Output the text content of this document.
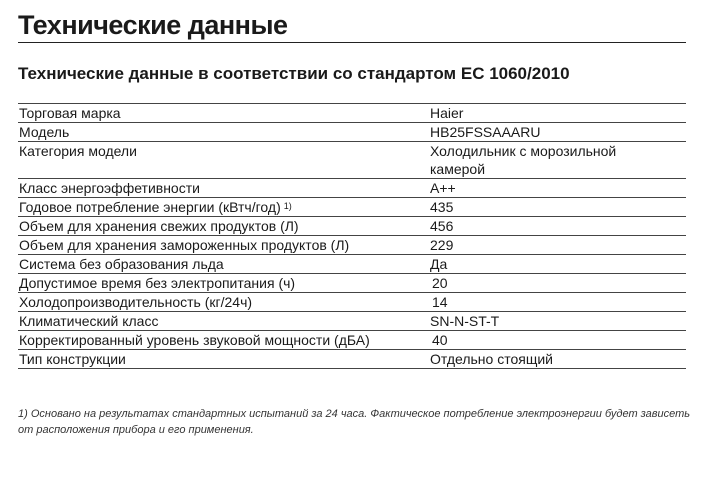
Технические данные
Технические данные в соответствии со стандартом EC 1060/2010
Торговая марка	Haier
Модель	HB25FSSAAARU
Категория модели	Холодильник с морозильной камерой
Класс энергоэффетивности	A++
Годовое потребление энергии (кВтч/год) $^{1)}$	435
Объем для хранения свежих продуктов (Л)	456
Объем для хранения замороженных продуктов (Л)	229
Система без образования льда	Да
Допустимое время без электропитания (ч)	20
Холодопроизводительность (кг/24ч)	14
Климатический класс	SN-N-ST-T
Корректированный уровень звуковой мощности (дБА)	40
Тип конструкции	Отдельно стоящий
1) Основано на результатах стандартных испытаний за 24 часа. Фактическое потребление электроэнергии будет зависеть от расположения прибора и его применения.
